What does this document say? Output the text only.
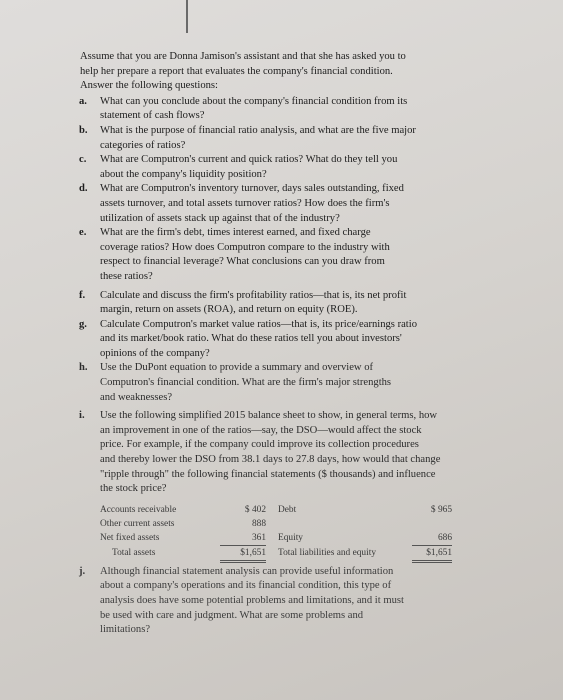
Assume that you are Donna Jamison's assistant and that she has asked you to
help her prepare a report that evaluates the company's financial condition.
Answer the following questions:
a. What can you conclude about the company's financial condition from its
statement of cash flows?
b. What is the purpose of financial ratio analysis, and what are the five major
categories of ratios?
c. What are Computron's current and quick ratios? What do they tell you
about the company's liquidity position?
d. What are Computron's inventory turnover, days sales outstanding, fixed
assets turnover, and total assets turnover ratios? How does the firm's
utilization of assets stack up against that of the industry?
e. What are the firm's debt, times interest earned, and fixed charge
coverage ratios? How does Computron compare to the industry with
respect to financial leverage? What conclusions can you draw from
these ratios?
f. Calculate and discuss the firm's profitability ratios—that is, its net profit
margin, return on assets (ROA), and return on equity (ROE).
g. Calculate Computron's market value ratios—that is, its price/earnings ratio
and its market/book ratio. What do these ratios tell you about investors'
opinions of the company?
h. Use the DuPont equation to provide a summary and overview of
Computron's financial condition. What are the firm's major strengths
and weaknesses?
i. Use the following simplified 2015 balance sheet to show, in general terms, how
an improvement in one of the ratios—say, the DSO—would affect the stock
price. For example, if the company could improve its collection procedures
and thereby lower the DSO from 38.1 days to 27.8 days, how would that change
"ripple through" the following financial statements ($ thousands) and influence
the stock price?
Accounts receivable	$ 402		Debt	$ 965
Other current assets	888			
Net fixed assets	361		Equity	686
Total assets	$1,651		Total liabilities and equity	$1,651
j. Although financial statement analysis can provide useful information
about a company's operations and its financial condition, this type of
analysis does have some potential problems and limitations, and it must
be used with care and judgment. What are some problems and
limitations?
